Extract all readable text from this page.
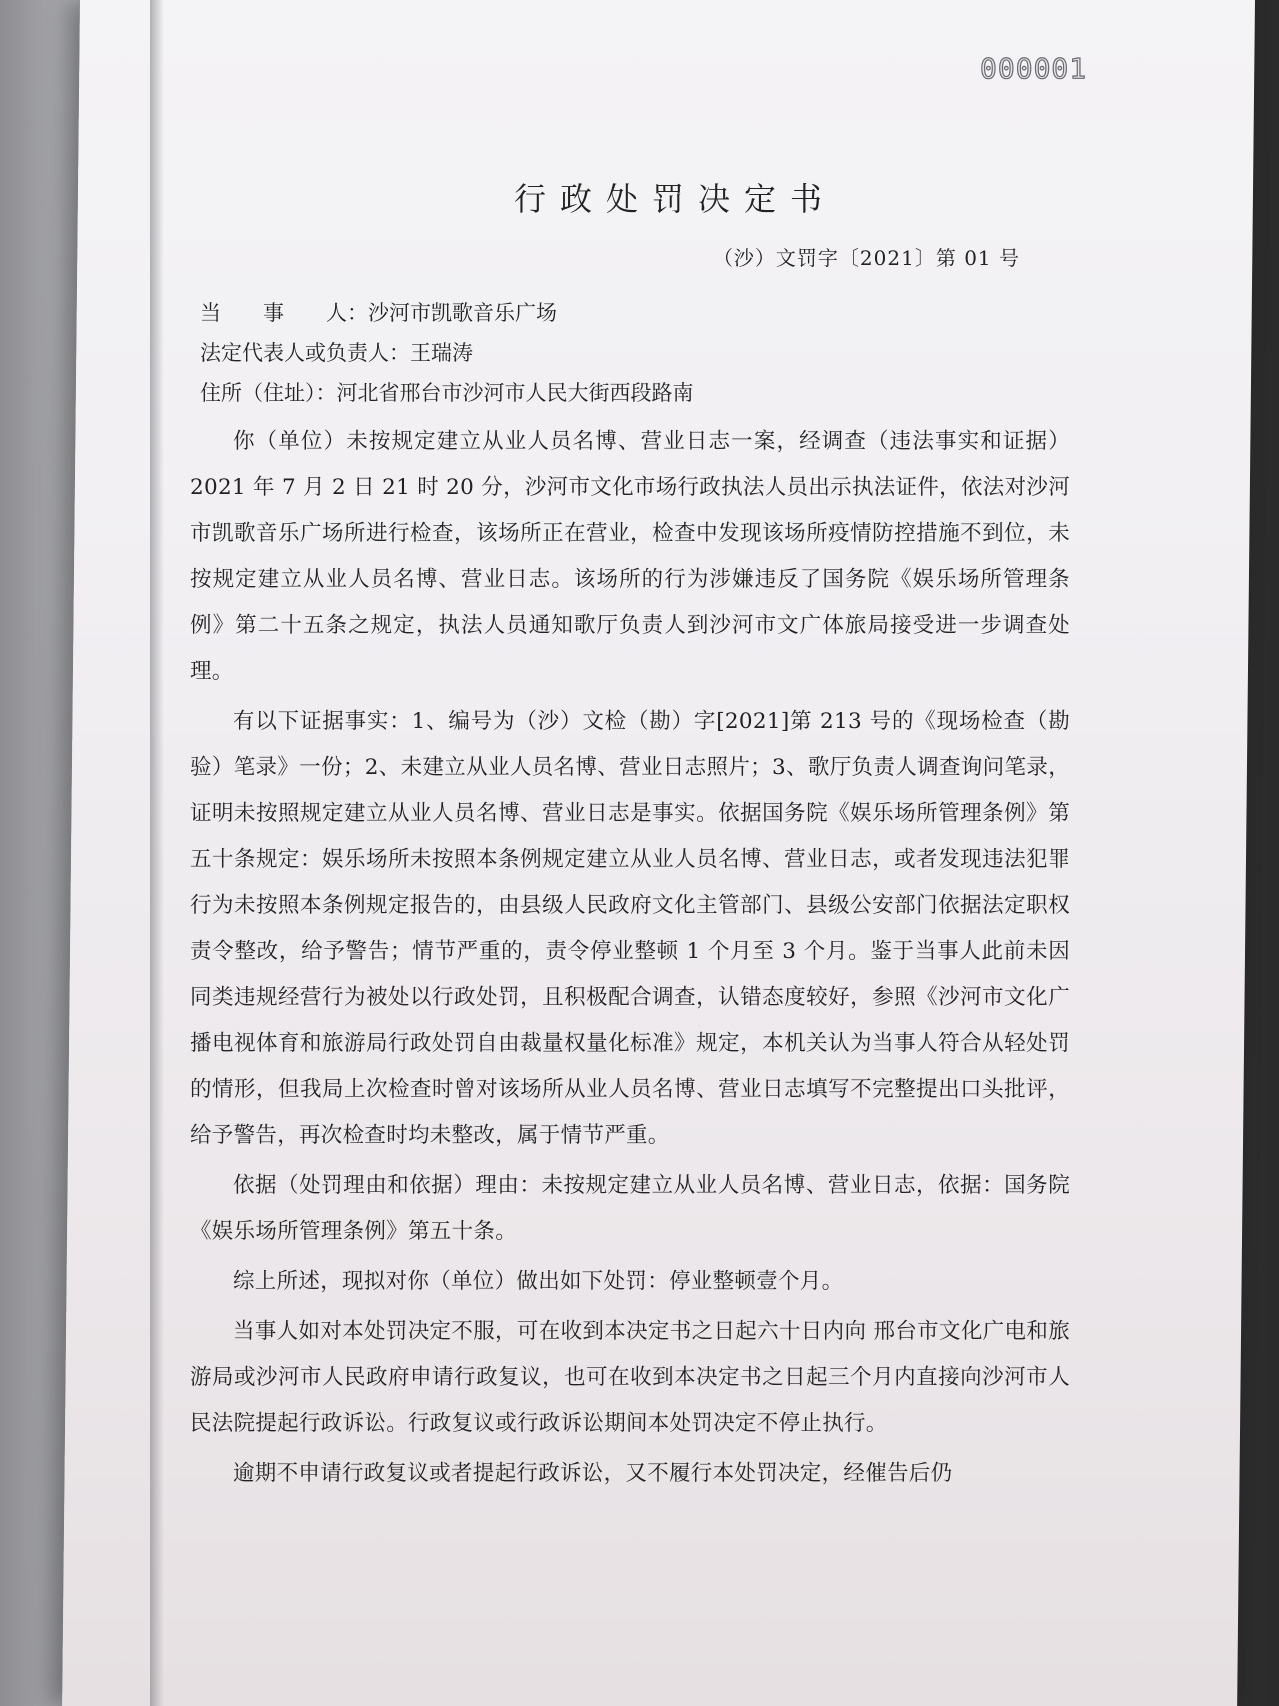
000001
行政处罚决定书
（沙）文罚字〔2021〕第 01 号
当　　事　　人：沙河市凯歌音乐广场
法定代表人或负责人：王瑞涛
住所（住址）：河北省邢台市沙河市人民大街西段路南

你（单位）未按规定建立从业人员名博、营业日志一案，经调查（违法事实和证据）2021 年 7 月 2 日 21 时 20 分，沙河市文化市场行政执法人员出示执法证件，依法对沙河市凯歌音乐广场所进行检查，该场所正在营业，检查中发现该场所疫情防控措施不到位，未按规定建立从业人员名博、营业日志。该场所的行为涉嫌违反了国务院《娱乐场所管理条例》第二十五条之规定，执法人员通知歌厅负责人到沙河市文广体旅局接受进一步调查处理。

有以下证据事实：1、编号为（沙）文检（勘）字[2021]第 213 号的《现场检查（勘验）笔录》一份；2、未建立从业人员名博、营业日志照片；3、歌厅负责人调查询问笔录，证明未按照规定建立从业人员名博、营业日志是事实。依据国务院《娱乐场所管理条例》第五十条规定：娱乐场所未按照本条例规定建立从业人员名博、营业日志，或者发现违法犯罪行为未按照本条例规定报告的，由县级人民政府文化主管部门、县级公安部门依据法定职权责令整改，给予警告；情节严重的，责令停业整顿 1 个月至 3 个月。鉴于当事人此前未因同类违规经营行为被处以行政处罚，且积极配合调查，认错态度较好，参照《沙河市文化广播电视体育和旅游局行政处罚自由裁量权量化标准》规定，本机关认为当事人符合从轻处罚的情形，但我局上次检查时曾对该场所从业人员名博、营业日志填写不完整提出口头批评，给予警告，再次检查时均未整改，属于情节严重。

依据（处罚理由和依据）理由：未按规定建立从业人员名博、营业日志，依据：国务院《娱乐场所管理条例》第五十条。

综上所述，现拟对你（单位）做出如下处罚：停业整顿壹个月。

当事人如对本处罚决定不服，可在收到本决定书之日起六十日内向 邢台市文化广电和旅游局或沙河市人民政府申请行政复议，也可在收到本决定书之日起三个月内直接向沙河市人民法院提起行政诉讼。行政复议或行政诉讼期间本处罚决定不停止执行。

逾期不申请行政复议或者提起行政诉讼，又不履行本处罚决定，经催告后仍
